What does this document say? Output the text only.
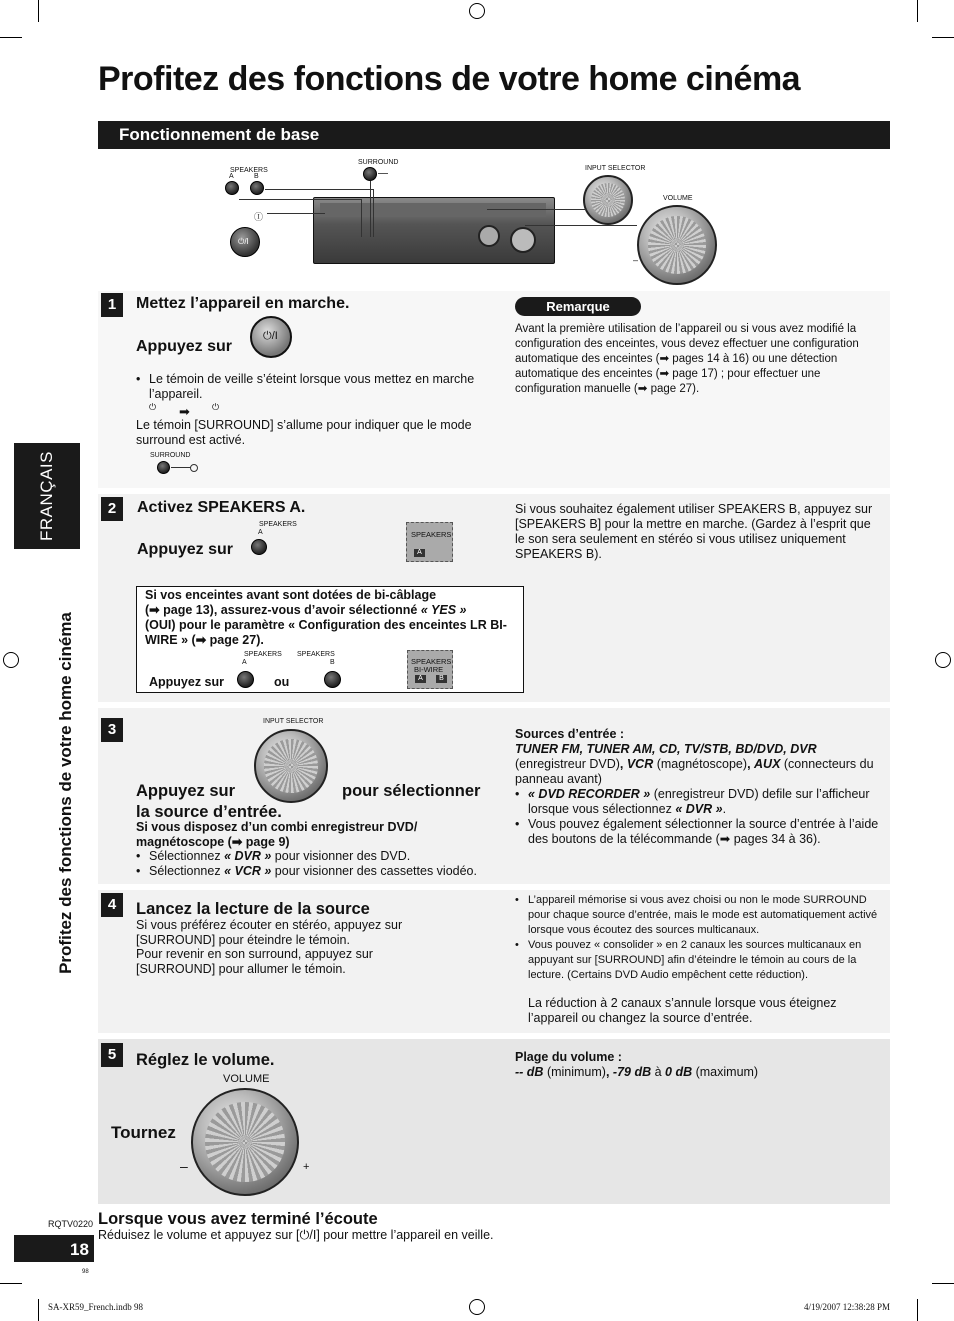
Profitez des fonctions de votre home cinéma
Fonctionnement de base
FRANÇAIS
Profitez des fonctions de votre home cinéma
SPEAKERS
A	B
SURROUND
Ⓘ
⏻/I
INPUT SELECTOR
VOLUME
–
1	Mettez l’appareil en marche.
Appuyez sur
⏻/I
• Le témoin de veille s’éteint lorsque vous mettez en marche l’appareil.
⏻ ➡ ⏻
Le témoin [SURROUND] s’allume pour indiquer que le mode surround est activé.
SURROUND
Remarque
Avant la première utilisation de l’appareil ou si vous avez modifié la configuration des enceintes, vous devez effectuer une configuration automatique des enceintes (➡ pages 14 à 16) ou une détection automatique des enceintes (➡ page 17) ; pour effectuer une configuration manuelle (➡ page 27).
2	Activez SPEAKERS A.
SPEAKERS
A
Appuyez sur
SPEAKERS
A
Si vous souhaitez également utiliser SPEAKERS B, appuyez sur [SPEAKERS B] pour la mettre en marche. (Gardez à l’esprit que le son sera seulement en stéréo si vous utilisez uniquement SPEAKERS B).
Si vos enceintes avant sont dotées de bi-câblage
(➡ page 13), assurez-vous d’avoir sélectionné « YES »
(OUI) pour le paramètre « Configuration des enceintes LR BI-WIRE » (➡ page 27).
SPEAKERS
A
SPEAKERS
B
Appuyez sur	ou
SPEAKERS
BI-WIRE
A	B
3	INPUT SELECTOR
Appuyez sur	pour sélectionner
la source d’entrée.
Si vous disposez d’un combi enregistreur DVD/ magnétoscope (➡ page 9)
• Sélectionnez « DVR » pour visionner des DVD.
• Sélectionnez « VCR » pour visionner des cassettes viodéo.
Sources d’entrée :
TUNER FM, TUNER AM, CD, TV/STB, BD/DVD, DVR
(enregistreur DVD), VCR (magnétoscope), AUX (connecteurs du panneau avant)
• « DVD RECORDER » (enregistreur DVD) defile sur l’afficheur lorsque vous sélectionnez « DVR ».
• Vous pouvez également sélectionner la source d’entrée à l’aide des boutons de la télécommande (➡ pages 34 à 36).
4	Lancez la lecture de la source
Si vous préférez écouter en stéréo, appuyez sur [SURROUND] pour éteindre le témoin.
Pour revenir en son surround, appuyez sur [SURROUND] pour allumer le témoin.
• L’appareil mémorise si vous avez choisi ou non le mode SURROUND pour chaque source d’entrée, mais le mode est automatiquement activé lorsque vous écoutez des sources multicanaux.
• Vous pouvez « consolider » en 2 canaux les sources multicanaux en appuyant sur [SURROUND] afin d’éteindre le témoin au cours de la lecture. (Certains DVD Audio empêchent cette réduction).
La réduction à 2 canaux s’annule lorsque vous éteignez l’appareil ou changez la source d’entrée.
5	Réglez le volume.
VOLUME
Tournez
–	+
Plage du volume :
-- dB (minimum), -79 dB à 0 dB (maximum)
Lorsque vous avez terminé l’écoute
Réduisez le volume et appuyez sur [⏻/I] pour mettre l’appareil en veille.
RQTV0220
18
98
SA-XR59_French.indb 98	4/19/2007 12:38:28 PM
